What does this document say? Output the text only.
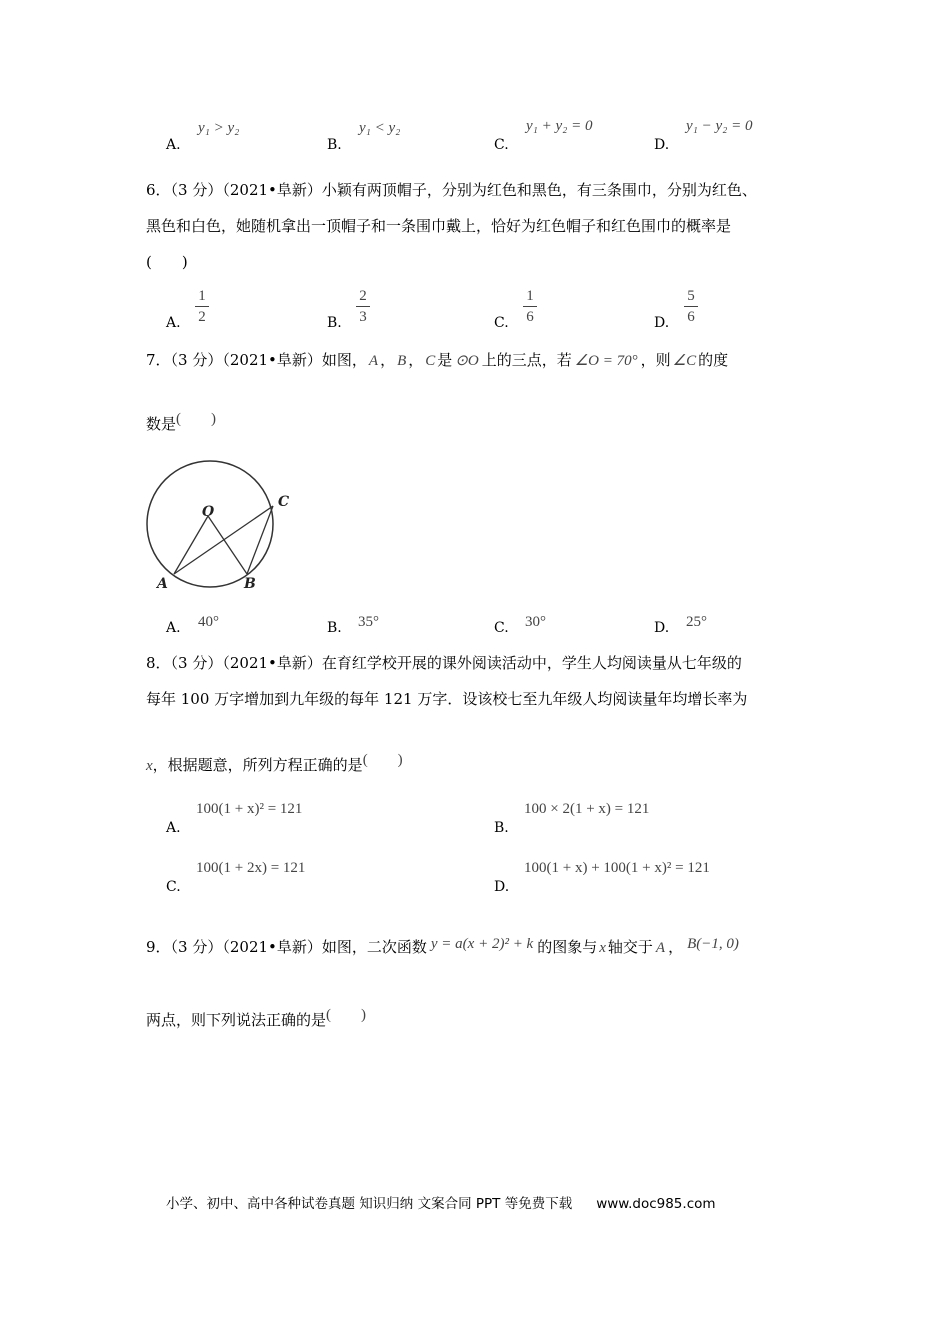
A.
y₁ > y₂
B.
y₁ < y₂
C.
y₁ + y₂ = 0
D.
y₁ − y₂ = 0
6．（3 分）（2021•阜新）小颖有两顶帽子，分别为红色和黑色，有三条围巾，分别为红色、
黑色和白色，她随机拿出一顶帽子和一条围巾戴上，恰好为红色帽子和红色围巾的概率是
(　　)
A.
1
2	B.
2
3	C.
1
6	D.
5
6
7．（3 分）（2021•阜新）如图， A ， B ， C 是 ⊙O 上的三点，若 ∠O = 70° ，则 ∠C 的度
数是(　　)
O
A	B
C
A. 40°	B. 35°	C. 30°	D. 25°
8．（3 分）（2021•阜新）在育红学校开展的课外阅读活动中，学生人均阅读量从七年级的
每年 100 万字增加到九年级的每年 121 万字．设该校七至九年级人均阅读量年均增长率为
x，根据题意，所列方程正确的是(　　)
A.
100(1 + x)² = 121
B.
100 × 2(1 + x) = 121
C.
100(1 + 2x) = 121
D.
100(1 + x) + 100(1 + x)² = 121
9．（3 分）（2021•阜新）如图，二次函数 y = a(x + 2)² + k 的图象与 x 轴交于 A ， B(−1, 0)
两点，则下列说法正确的是(　　)
小学、初中、高中各种试卷真题 知识归纳 文案合同 PPT 等免费下载 www.doc985.com
